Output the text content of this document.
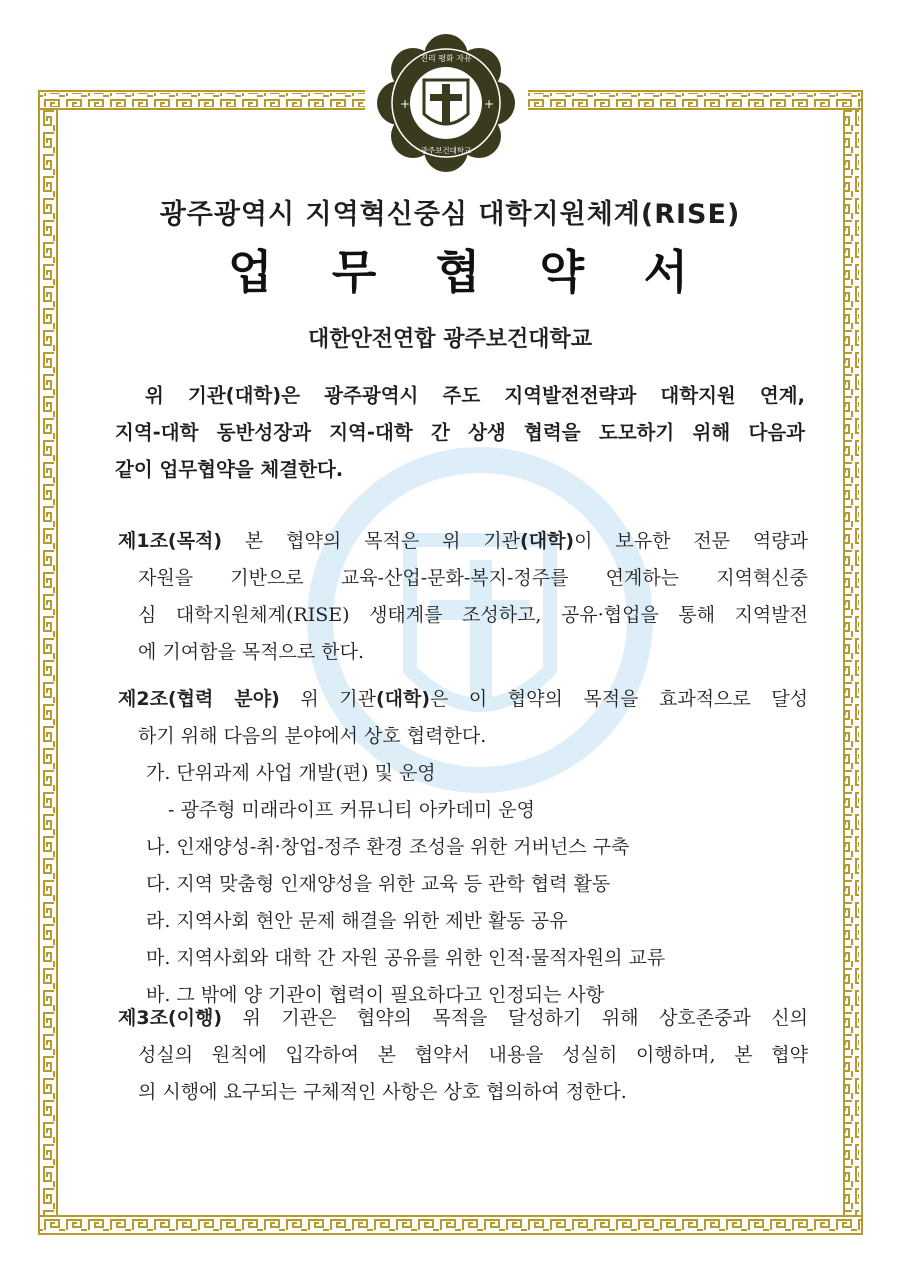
+	+
진리 평화 자유
광주보건대학교
광주광역시 지역혁신중심 대학지원체계(RISE)
업 무 협 약 서
대한안전연합 광주보건대학교
위 기관(대학)은 광주광역시 주도 지역발전전략과 대학지원 연계,
지역-대학 동반성장과 지역-대학 간 상생 협력을 도모하기 위해 다음과
같이 업무협약을 체결한다.
제1조(목적) 본 협약의 목적은 위 기관(대학)이 보유한 전문 역량과
자원을 기반으로 교육-산업-문화-복지-정주를 연계하는 지역혁신중
심 대학지원체계(RISE) 생태계를 조성하고, 공유·협업을 통해 지역발전
에 기여함을 목적으로 한다.
제2조(협력 분야) 위 기관(대학)은 이 협약의 목적을 효과적으로 달성
하기 위해 다음의 분야에서 상호 협력한다.
가. 단위과제 사업 개발(편) 및 운영
- 광주형 미래라이프 커뮤니티 아카데미 운영
나. 인재양성-취·창업-정주 환경 조성을 위한 거버넌스 구축
다. 지역 맞춤형 인재양성을 위한 교육 등 관학 협력 활동
라. 지역사회 현안 문제 해결을 위한 제반 활동 공유
마. 지역사회와 대학 간 자원 공유를 위한 인적·물적자원의 교류
바. 그 밖에 양 기관이 협력이 필요하다고 인정되는 사항
제3조(이행) 위 기관은 협약의 목적을 달성하기 위해 상호존중과 신의
성실의 원칙에 입각하여 본 협약서 내용을 성실히 이행하며, 본 협약
의 시행에 요구되는 구체적인 사항은 상호 협의하여 정한다.
